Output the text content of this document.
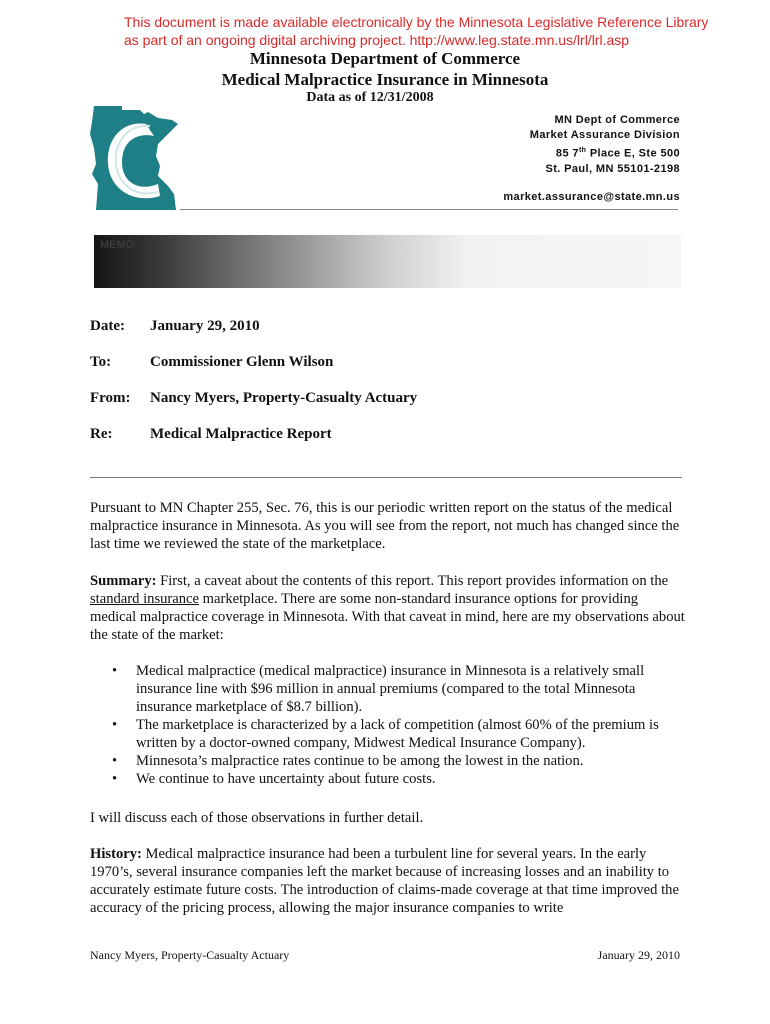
This document is made available electronically by the Minnesota Legislative Reference Library
as part of an ongoing digital archiving project. http://www.leg.state.mn.us/lrl/lrl.asp
Minnesota Department of Commerce
Medical Malpractice Insurance in Minnesota
Data as of 12/31/2008
MN Dept of Commerce
Market Assurance Division
85 7th Place E, Ste 500
St. Paul, MN 55101-2198
market.assurance@state.mn.us
MEMO
Date:	January 29, 2010
To:	Commissioner Glenn Wilson
From:	Nancy Myers, Property-Casualty Actuary
Re:	Medical Malpractice Report

Pursuant to MN Chapter 255, Sec. 76, this is our periodic written report on the status of the medical malpractice insurance in Minnesota. As you will see from the report, not much has changed since the last time we reviewed the state of the marketplace.

Summary: First, a caveat about the contents of this report. This report provides information on the standard insurance marketplace. There are some non-standard insurance options for providing medical malpractice coverage in Minnesota. With that caveat in mind, here are my observations about the state of the market:

• Medical malpractice (medical malpractice) insurance in Minnesota is a relatively small insurance line with $96 million in annual premiums (compared to the total Minnesota insurance marketplace of $8.7 billion).
• The marketplace is characterized by a lack of competition (almost 60% of the premium is written by a doctor-owned company, Midwest Medical Insurance Company).
• Minnesota’s malpractice rates continue to be among the lowest in the nation.
• We continue to have uncertainty about future costs.

I will discuss each of those observations in further detail.

History: Medical malpractice insurance had been a turbulent line for several years. In the early 1970’s, several insurance companies left the market because of increasing losses and an inability to accurately estimate future costs. The introduction of claims-made coverage at that time improved the accuracy of the pricing process, allowing the major insurance companies to write

Nancy Myers, Property-Casualty Actuary	January 29, 2010
